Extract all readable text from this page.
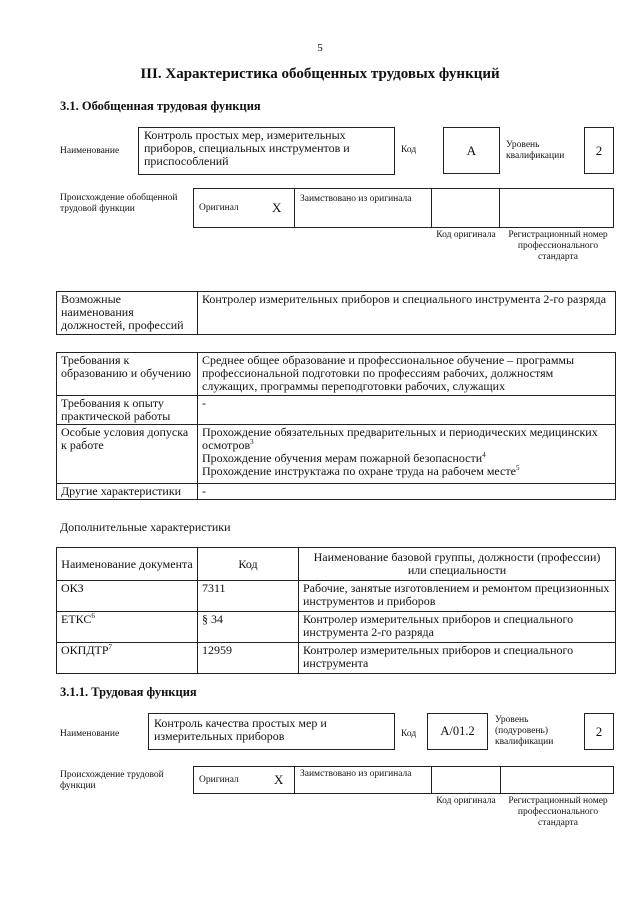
5
III. Характеристика обобщенных трудовых функций
3.1. Обобщенная трудовая функция
Наименование
Контроль простых мер, измерительных приборов, специальных инструментов и приспособлений
Код	А	Уровень квалификации	2
Происхождение обобщенной трудовой функции	Оригинал	X
Заимствовано из оригинала
Код оригинала	Регистрационный номер профессионального стандарта
Возможные наименования должностей, профессий	Контролер измерительных приборов и специального инструмента 2-го разряда
Требования к образованию и обучению	Среднее общее образование и профессиональное обучение – программы профессиональной подготовки по профессиям рабочих, должностям служащих, программы переподготовки рабочих, служащих
Требования к опыту практической работы	-
Особые условия допуска к работе	Прохождение обязательных предварительных и периодических медицинских осмотров$^3$
Прохождение обучения мерам пожарной безопасности$^4$
Прохождение инструктажа по охране труда на рабочем месте$^5$

Другие характеристики	-
Дополнительные характеристики
Наименование документа	Код	Наименование базовой группы, должности (профессии) или специальности
ОКЗ	7311	Рабочие, занятые изготовлением и ремонтом прецизионных инструментов и приборов
ЕТКС$^6$	§ 34	Контролер измерительных приборов и специального инструмента 2-го разряда
ОКПДТР$^7$	12959	Контролер измерительных приборов и специального инструмента
3.1.1. Трудовая функция
Наименование
Контроль качества простых мер и измерительных приборов	Код	А/01.2
Уровень (подуровень) квалификации
2
Происхождение трудовой функции
Оригинал	X	Заимствовано из оригинала
Код оригинала	Регистрационный номер профессионального стандарта
